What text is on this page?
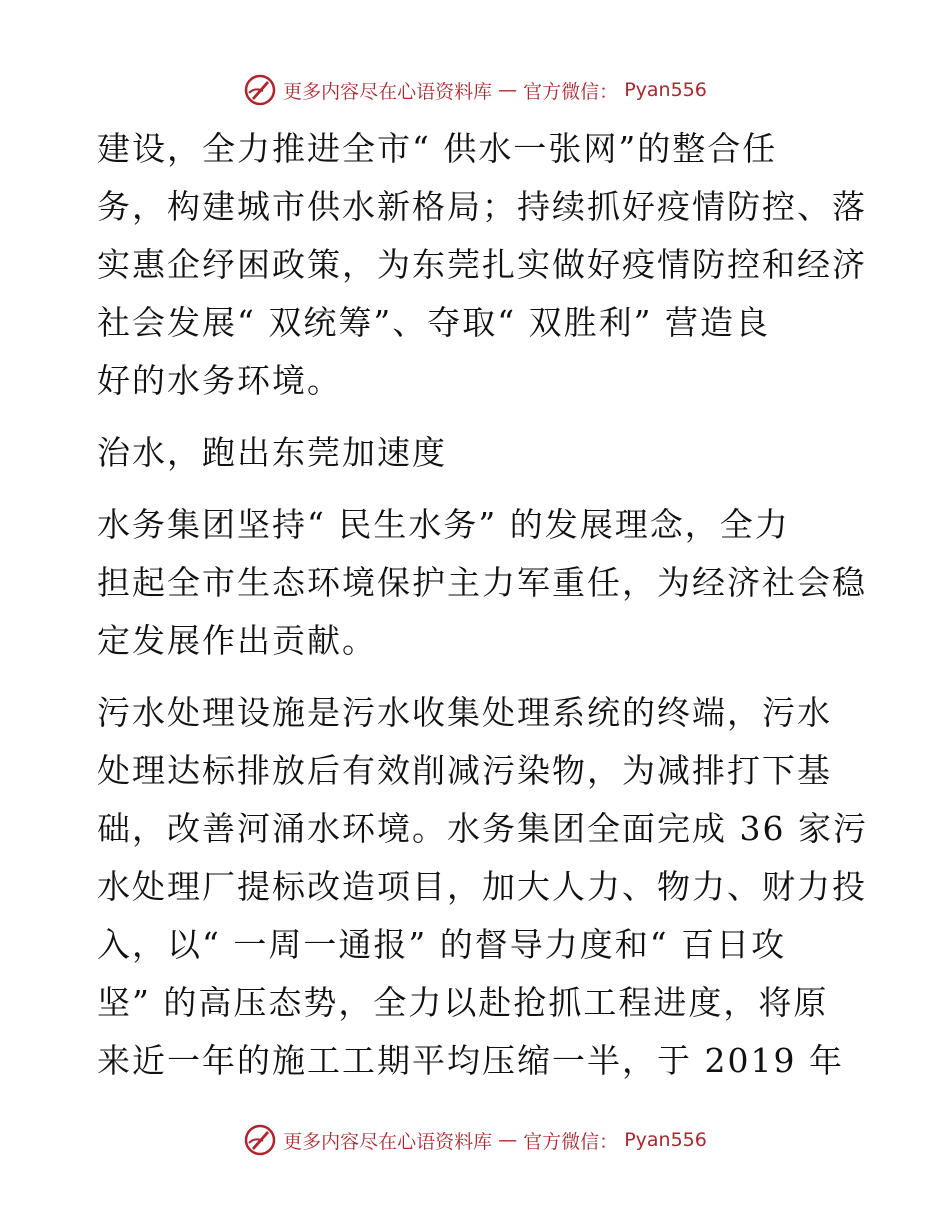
更多内容尽在心语资料库 — 官方微信： Pyan556

建设，全力推进全市“ 供水一张网”的整合任
务，构建城市供水新格局；持续抓好疫情防控、落
实惠企纾困政策，为东莞扎实做好疫情防控和经济
社会发展“ 双统筹”、夺取“ 双胜利” 营造良
好的水务环境。

治水，跑出东莞加速度

水务集团坚持“ 民生水务” 的发展理念，全力
担起全市生态环境保护主力军重任，为经济社会稳
定发展作出贡献。

污水处理设施是污水收集处理系统的终端，污水
处理达标排放后有效削减污染物，为减排打下基
础，改善河涌水环境。水务集团全面完成 36 家污
水处理厂提标改造项目，加大人力、物力、财力投
入，以“ 一周一通报” 的督导力度和“ 百日攻
坚” 的高压态势，全力以赴抢抓工程进度，将原
来近一年的施工工期平均压缩一半，于 2019 年

更多内容尽在心语资料库 — 官方微信： Pyan556
